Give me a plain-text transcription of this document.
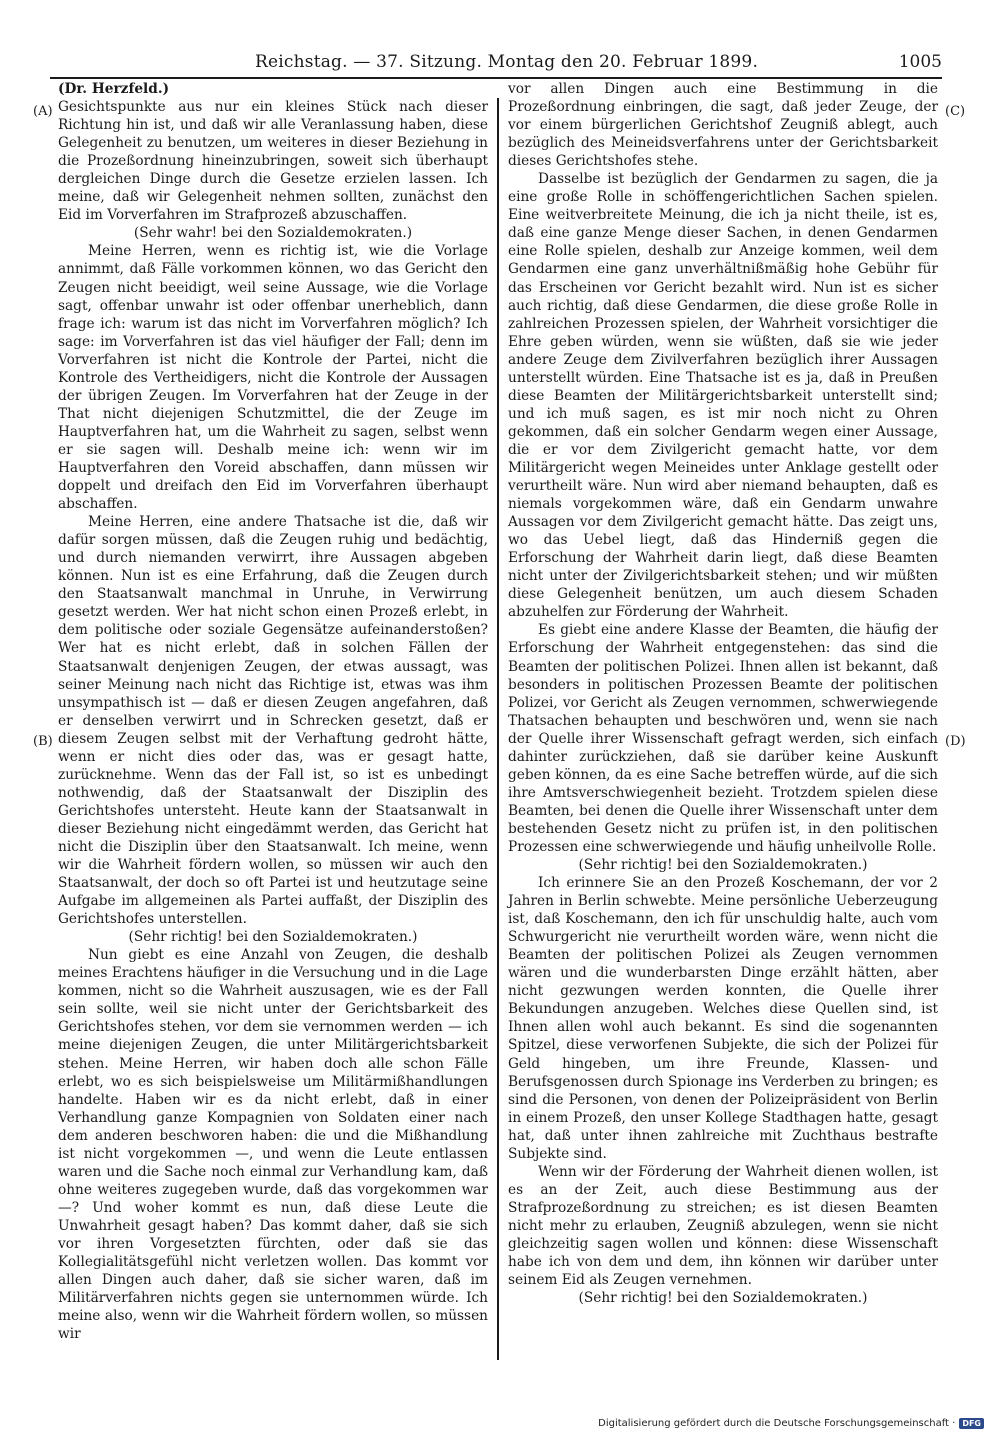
Reichstag. — 37. Sitzung. Montag den 20. Februar 1899.	1005
(A)
(B)
(C)
(D)
(Dr. Herzfeld.)

Gesichtspunkte aus nur ein kleines Stück nach dieser Richtung hin ist, und daß wir alle Veranlassung haben, diese Gelegenheit zu benutzen, um weiteres in dieser Beziehung in die Prozeßordnung hineinzubringen, soweit sich überhaupt dergleichen Dinge durch die Gesetze erzielen lassen. Ich meine, daß wir Gelegenheit nehmen sollten, zunächst den Eid im Vorverfahren im Strafprozeß abzuschaffen.

(Sehr wahr! bei den Sozialdemokraten.)

Meine Herren, wenn es richtig ist, wie die Vorlage annimmt, daß Fälle vorkommen können, wo das Gericht den Zeugen nicht beeidigt, weil seine Aussage, wie die Vorlage sagt, offenbar unwahr ist oder offenbar unerheblich, dann frage ich: warum ist das nicht im Vorverfahren möglich? Ich sage: im Vorverfahren ist das viel häufiger der Fall; denn im Vorverfahren ist nicht die Kontrole der Partei, nicht die Kontrole des Vertheidigers, nicht die Kontrole der Aussagen der übrigen Zeugen. Im Vorverfahren hat der Zeuge in der That nicht diejenigen Schutzmittel, die der Zeuge im Hauptverfahren hat, um die Wahrheit zu sagen, selbst wenn er sie sagen will. Deshalb meine ich: wenn wir im Hauptverfahren den Voreid abschaffen, dann müssen wir doppelt und dreifach den Eid im Vorverfahren überhaupt abschaffen.

Meine Herren, eine andere Thatsache ist die, daß wir dafür sorgen müssen, daß die Zeugen ruhig und bedächtig, und durch niemanden verwirrt, ihre Aussagen abgeben können. Nun ist es eine Erfahrung, daß die Zeugen durch den Staatsanwalt manchmal in Unruhe, in Verwirrung gesetzt werden. Wer hat nicht schon einen Prozeß erlebt, in dem politische oder soziale Gegensätze aufeinanderstoßen? Wer hat es nicht erlebt, daß in solchen Fällen der Staatsanwalt denjenigen Zeugen, der etwas aussagt, was seiner Meinung nach nicht das Richtige ist, etwas was ihm unsympathisch ist — daß er diesen Zeugen angefahren, daß er denselben verwirrt und in Schrecken gesetzt, daß er diesem Zeugen selbst mit der Verhaftung gedroht hätte, wenn er nicht dies oder das, was er gesagt hatte, zurücknehme. Wenn das der Fall ist, so ist es unbedingt nothwendig, daß der Staatsanwalt der Disziplin des Gerichtshofes untersteht. Heute kann der Staatsanwalt in dieser Beziehung nicht eingedämmt werden, das Gericht hat nicht die Disziplin über den Staatsanwalt. Ich meine, wenn wir die Wahrheit fördern wollen, so müssen wir auch den Staatsanwalt, der doch so oft Partei ist und heutzutage seine Aufgabe im allgemeinen als Partei auffaßt, der Disziplin des Gerichtshofes unterstellen.

(Sehr richtig! bei den Sozialdemokraten.)

Nun giebt es eine Anzahl von Zeugen, die deshalb meines Erachtens häufiger in die Versuchung und in die Lage kommen, nicht so die Wahrheit auszusagen, wie es der Fall sein sollte, weil sie nicht unter der Gerichtsbarkeit des Gerichtshofes stehen, vor dem sie vernommen werden — ich meine diejenigen Zeugen, die unter Militärgerichtsbarkeit stehen. Meine Herren, wir haben doch alle schon Fälle erlebt, wo es sich beispielsweise um Militärmißhandlungen handelte. Haben wir es da nicht erlebt, daß in einer Verhandlung ganze Kompagnien von Soldaten einer nach dem anderen beschworen haben: die und die Mißhandlung ist nicht vorgekommen —, und wenn die Leute entlassen waren und die Sache noch einmal zur Verhandlung kam, daß ohne weiteres zugegeben wurde, daß das vorgekommen war —? Und woher kommt es nun, daß diese Leute die Unwahrheit gesagt haben? Das kommt daher, daß sie sich vor ihren Vorgesetzten fürchten, oder daß sie das Kollegialitätsgefühl nicht verletzen wollen. Das kommt vor allen Dingen auch daher, daß sie sicher waren, daß im Militärverfahren nichts gegen sie unternommen würde. Ich meine also, wenn wir die Wahrheit fördern wollen, so müssen wir

vor allen Dingen auch eine Bestimmung in die Prozeßordnung einbringen, die sagt, daß jeder Zeuge, der vor einem bürgerlichen Gerichtshof Zeugniß ablegt, auch bezüglich des Meineidsverfahrens unter der Gerichtsbarkeit dieses Gerichtshofes stehe.

Dasselbe ist bezüglich der Gendarmen zu sagen, die ja eine große Rolle in schöffengerichtlichen Sachen spielen. Eine weitverbreitete Meinung, die ich ja nicht theile, ist es, daß eine ganze Menge dieser Sachen, in denen Gendarmen eine Rolle spielen, deshalb zur Anzeige kommen, weil dem Gendarmen eine ganz unverhältnißmäßig hohe Gebühr für das Erscheinen vor Gericht bezahlt wird. Nun ist es sicher auch richtig, daß diese Gendarmen, die diese große Rolle in zahlreichen Prozessen spielen, der Wahrheit vorsichtiger die Ehre geben würden, wenn sie wüßten, daß sie wie jeder andere Zeuge dem Zivilverfahren bezüglich ihrer Aussagen unterstellt würden. Eine Thatsache ist es ja, daß in Preußen diese Beamten der Militärgerichtsbarkeit unterstellt sind; und ich muß sagen, es ist mir noch nicht zu Ohren gekommen, daß ein solcher Gendarm wegen einer Aussage, die er vor dem Zivilgericht gemacht hatte, vor dem Militärgericht wegen Meineides unter Anklage gestellt oder verurtheilt wäre. Nun wird aber niemand behaupten, daß es niemals vorgekommen wäre, daß ein Gendarm unwahre Aussagen vor dem Zivilgericht gemacht hätte. Das zeigt uns, wo das Uebel liegt, daß das Hinderniß gegen die Erforschung der Wahrheit darin liegt, daß diese Beamten nicht unter der Zivilgerichtsbarkeit stehen; und wir müßten diese Gelegenheit benützen, um auch diesem Schaden abzuhelfen zur Förderung der Wahrheit.

Es giebt eine andere Klasse der Beamten, die häufig der Erforschung der Wahrheit entgegenstehen: das sind die Beamten der politischen Polizei. Ihnen allen ist bekannt, daß besonders in politischen Prozessen Beamte der politischen Polizei, vor Gericht als Zeugen vernommen, schwerwiegende Thatsachen behaupten und beschwören und, wenn sie nach der Quelle ihrer Wissenschaft gefragt werden, sich einfach dahinter zurückziehen, daß sie darüber keine Auskunft geben können, da es eine Sache betreffen würde, auf die sich ihre Amtsverschwiegenheit bezieht. Trotzdem spielen diese Beamten, bei denen die Quelle ihrer Wissenschaft unter dem bestehenden Gesetz nicht zu prüfen ist, in den politischen Prozessen eine schwerwiegende und häufig unheilvolle Rolle.

(Sehr richtig! bei den Sozialdemokraten.)

Ich erinnere Sie an den Prozeß Koschemann, der vor 2 Jahren in Berlin schwebte. Meine persönliche Ueberzeugung ist, daß Koschemann, den ich für unschuldig halte, auch vom Schwurgericht nie verurtheilt worden wäre, wenn nicht die Beamten der politischen Polizei als Zeugen vernommen wären und die wunderbarsten Dinge erzählt hätten, aber nicht gezwungen werden konnten, die Quelle ihrer Bekundungen anzugeben. Welches diese Quellen sind, ist Ihnen allen wohl auch bekannt. Es sind die sogenannten Spitzel, diese verworfenen Subjekte, die sich der Polizei für Geld hingeben, um ihre Freunde, Klassen- und Berufsgenossen durch Spionage ins Verderben zu bringen; es sind die Personen, von denen der Polizeipräsident von Berlin in einem Prozeß, den unser Kollege Stadthagen hatte, gesagt hat, daß unter ihnen zahlreiche mit Zuchthaus bestrafte Subjekte sind.

Wenn wir der Förderung der Wahrheit dienen wollen, ist es an der Zeit, auch diese Bestimmung aus der Strafprozeßordnung zu streichen; es ist diesen Beamten nicht mehr zu erlauben, Zeugniß abzulegen, wenn sie nicht gleichzeitig sagen wollen und können: diese Wissenschaft habe ich von dem und dem, ihn können wir darüber unter seinem Eid als Zeugen vernehmen.

(Sehr richtig! bei den Sozialdemokraten.)

Digitalisierung gefördert durch die Deutsche Forschungsgemeinschaft · DFG
